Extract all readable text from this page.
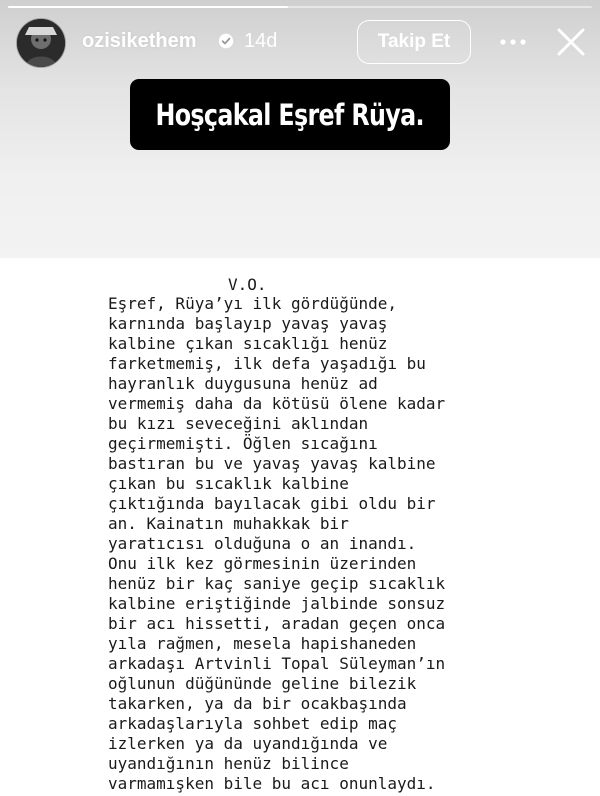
ozisikethem 14d	Takip Et
Hoşçakal Eşref Rüya.
V.O.
Eşref, Rüya’yı ilk gördüğünde,
karnında başlayıp yavaş yavaş
kalbine çıkan sıcaklığı henüz
farketmemiş, ilk defa yaşadığı bu
hayranlık duygusuna henüz ad
vermemiş daha da kötüsü ölene kadar
bu kızı seveceğini aklından
geçirmemişti. Öğlen sıcağını
bastıran bu ve yavaş yavaş kalbine
çıkan bu sıcaklık kalbine
çıktığında bayılacak gibi oldu bir
an. Kainatın muhakkak bir
yaratıcısı olduğuna o an inandı.
Onu ilk kez görmesinin üzerinden
henüz bir kaç saniye geçip sıcaklık
kalbine eriştiğinde jalbinde sonsuz
bir acı hissetti, aradan geçen onca
yıla rağmen, mesela hapishaneden
arkadaşı Artvinli Topal Süleyman’ın
oğlunun düğününde geline bilezik
takarken, ya da bir ocakbaşında
arkadaşlarıyla sohbet edip maç
izlerken ya da uyandığında ve
uyandığının henüz bilince
varmamışken bile bu acı onunlaydı.
